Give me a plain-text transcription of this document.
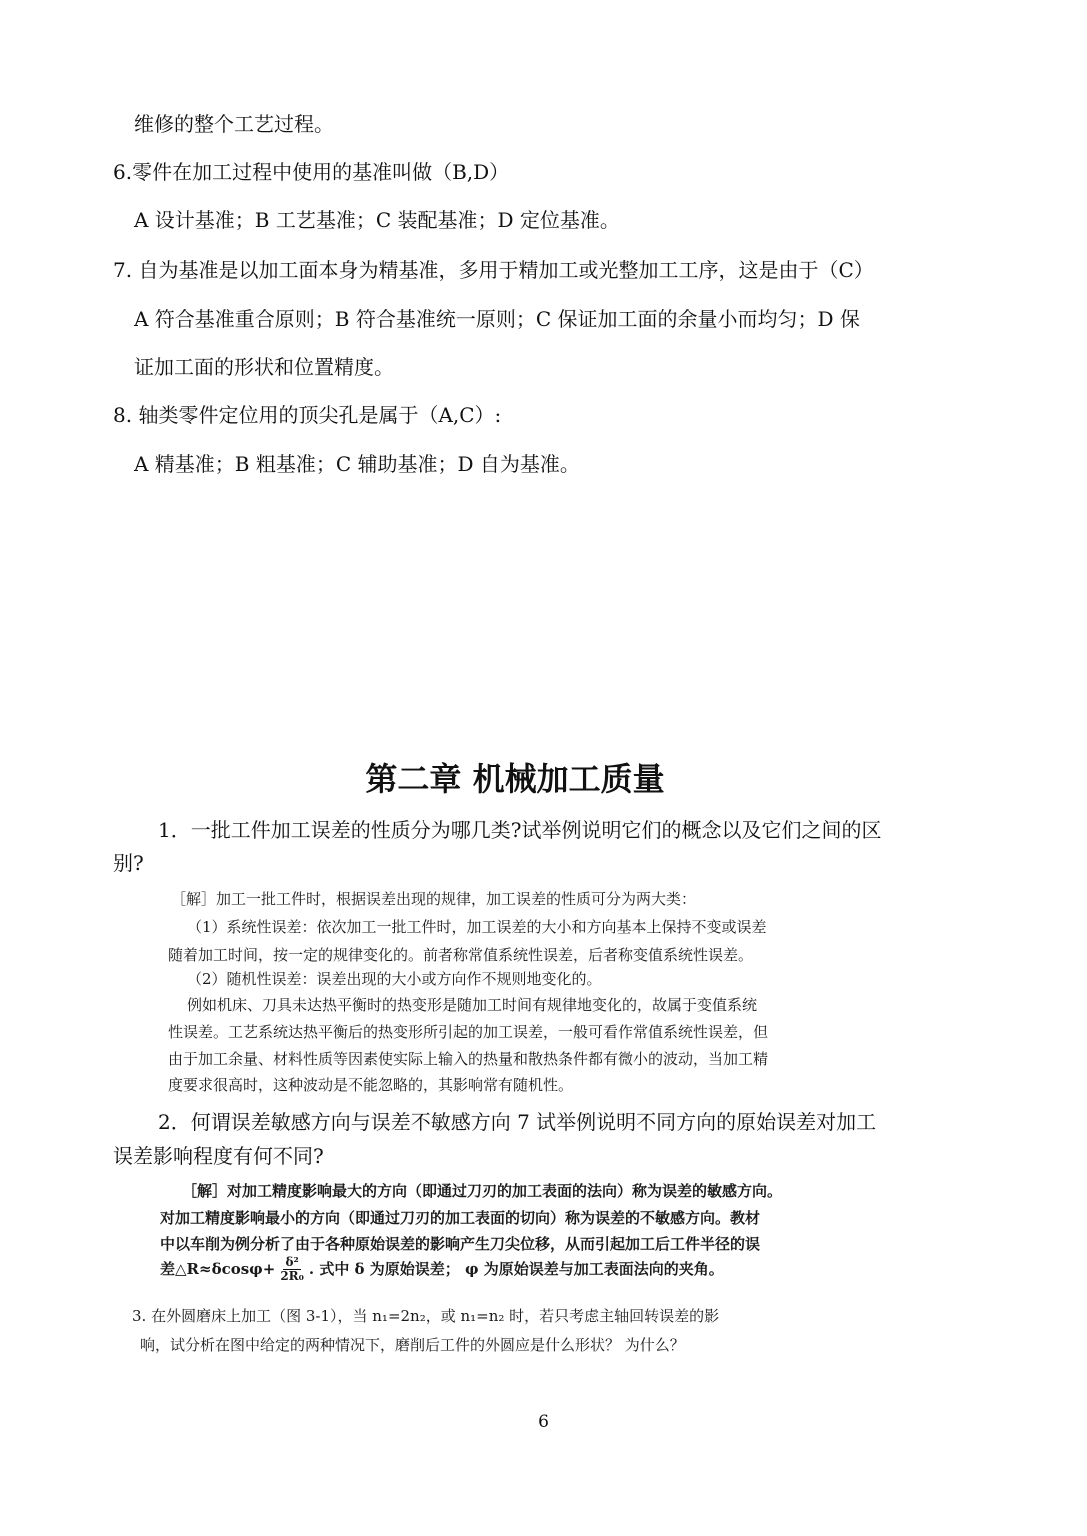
维修的整个工艺过程。
6.零件在加工过程中使用的基准叫做（B,D）
A 设计基准；B 工艺基准；C 装配基准；D 定位基准。
7. 自为基准是以加工面本身为精基准，多用于精加工或光整加工工序，这是由于（C）
A 符合基准重合原则；B 符合基准统一原则；C 保证加工面的余量小而均匀；D 保
证加工面的形状和位置精度。
8. 轴类零件定位用的顶尖孔是属于（A,C）:
A 精基准；B 粗基准；C 辅助基准；D 自为基准。
第二章 机械加工质量
1．一批工件加工误差的性质分为哪几类?试举例说明它们的概念以及它们之间的区
别?
［解］加工一批工件时，根据误差出现的规律，加工误差的性质可分为两大类：
（1）系统性误差：依次加工一批工件时，加工误差的大小和方向基本上保持不变或误差
随着加工时间，按一定的规律变化的。前者称常值系统性误差，后者称变值系统性误差。
（2）随机性误差：误差出现的大小或方向作不规则地变化的。
例如机床、刀具未达热平衡时的热变形是随加工时间有规律地变化的，故属于变值系统
性误差。工艺系统达热平衡后的热变形所引起的加工误差，一般可看作常值系统性误差，但
由于加工余量、材料性质等因素使实际上输入的热量和散热条件都有微小的波动，当加工精
度要求很高时，这种波动是不能忽略的，其影响常有随机性。
2．何谓误差敏感方向与误差不敏感方向 7 试举例说明不同方向的原始误差对加工
误差影响程度有何不同?
［解］对加工精度影响最大的方向（即通过刀刃的加工表面的法向）称为误差的敏感方向。
对加工精度影响最小的方向（即通过刀刃的加工表面的切向）称为误差的不敏感方向。教材
中以车削为例分析了由于各种原始误差的影响产生刀尖位移，从而引起加工后工件半径的误
差△R≈δcosφ+ $\frac{\text{δ²}}{\text{2R₀}}$ . 式中 δ 为原始误差； φ 为原始误差与加工表面法向的夹角。
3. 在外圆磨床上加工（图 3-1），当 n₁=2n₂，或 n₁=n₂ 时，若只考虑主轴回转误差的影
响，试分析在图中给定的两种情况下，磨削后工件的外圆应是什么形状？ 为什么？
6
